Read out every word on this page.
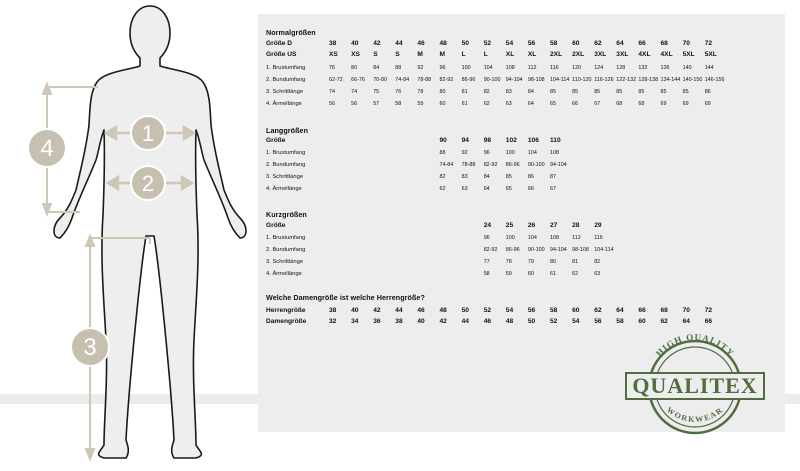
1
2
3
4
Normalgrößen
Größe D	38	40	42	44	46	48	50	52	54	56	58	60	62	64	66	68	70	72
Größe US	XS	XS	S	S	M	M	L	L	XL	XL	2XL	2XL	3XL	3XL	4XL	4XL	5XL	5XL
1. Brustumfang	76	80	84	88	92	96	100	104	108	112	116	120	124	128	132	136	140	144
2. Bundumfang	62-72	66-76	70-80	74-84	78-88	82-92	86-96	90-100 94-104 98-108 104-114 110-120 116-126 122-132 128-138 134-144 140-150 146-156
3. Schrittlänge	74	74	75	76	78	80	81	82	83	84	85	85	85	85	85	85	85	86
4. Ärmellänge	56	56	57	58	59	60	61	62	63	64	65	66	67	68	68	69	69	69
Langgrößen
Größe	90	94	98	102	106	110
1. Brustumfang	88	92	96	100	104	108
2. Bundumfang	74-84	78-88	82-92	86-96	90-100 94-104
3. Schrittlänge	82	83	84	85	86	87
4. Ärmellänge	62	63	64	65	66	67
Kurzgrößen
Größe	24	25	26	27	28	29
1. Brustumfang	96	100	104	108	112	116
2. Bundumfang	82-92	86-96	90-100 94-104 98-108 104-114
3. Schrittlänge	77	78	79	80	81	82
4. Ärmellänge	58	59	60	61	62	63
Welche Damengröße ist welche Herrengröße?
Herrengröße	38	40	42	44	46	48	50	52	54	56	58	60	62	64	66	68	70	72
Damengröße	32	34	36	38	40	42	44	46	48	50	52	54	56	58	60	62	64	66
QUALITEX
HIGH QUALITY
WORKWEAR
